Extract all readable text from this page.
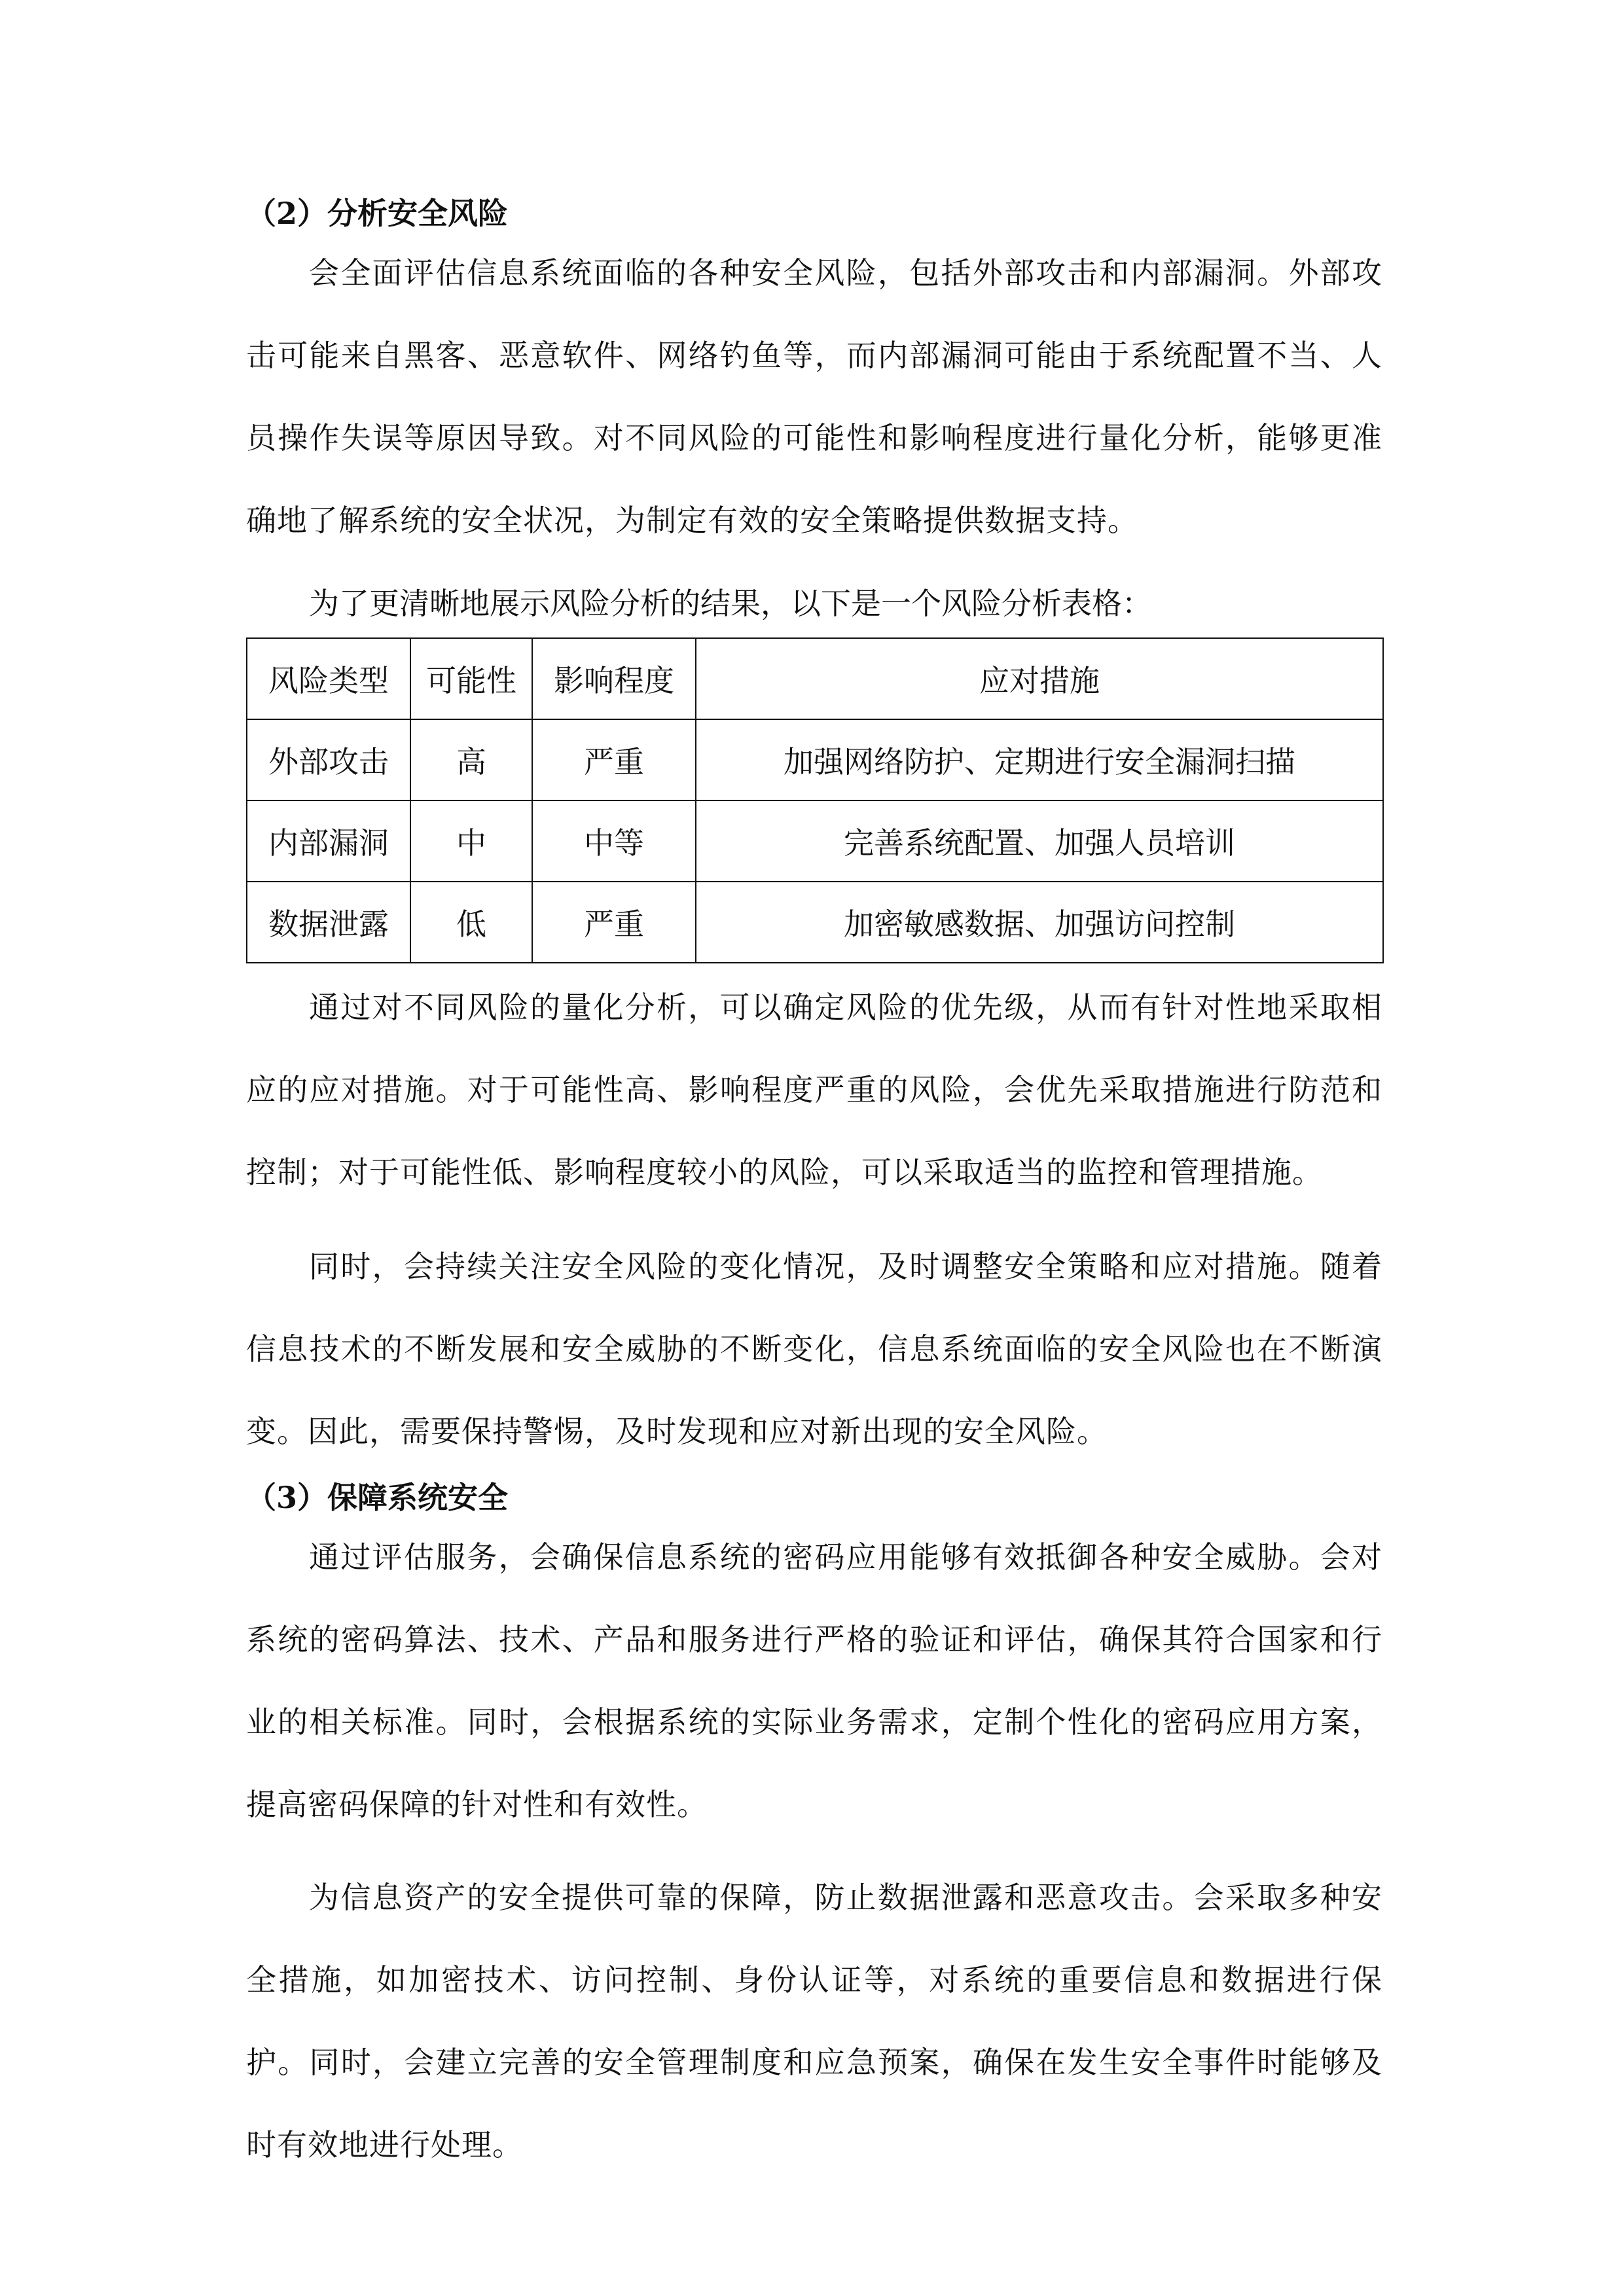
（2）分析安全风险

会全面评估信息系统面临的各种安全风险，包括外部攻击和内部漏洞。外部攻击可能来自黑客、恶意软件、网络钓鱼等，而内部漏洞可能由于系统配置不当、人员操作失误等原因导致。对不同风险的可能性和影响程度进行量化分析，能够更准确地了解系统的安全状况，为制定有效的安全策略提供数据支持。

为了更清晰地展示风险分析的结果，以下是一个风险分析表格：

风险类型	可能性	影响程度	应对措施
外部攻击	高	严重	加强网络防护、定期进行安全漏洞扫描
内部漏洞	中	中等	完善系统配置、加强人员培训
数据泄露	低	严重	加密敏感数据、加强访问控制

通过对不同风险的量化分析，可以确定风险的优先级，从而有针对性地采取相应的应对措施。对于可能性高、影响程度严重的风险，会优先采取措施进行防范和控制；对于可能性低、影响程度较小的风险，可以采取适当的监控和管理措施。

同时，会持续关注安全风险的变化情况，及时调整安全策略和应对措施。随着信息技术的不断发展和安全威胁的不断变化，信息系统面临的安全风险也在不断演变。因此，需要保持警惕，及时发现和应对新出现的安全风险。

（3）保障系统安全

通过评估服务，会确保信息系统的密码应用能够有效抵御各种安全威胁。会对系统的密码算法、技术、产品和服务进行严格的验证和评估，确保其符合国家和行业的相关标准。同时，会根据系统的实际业务需求，定制个性化的密码应用方案，提高密码保障的针对性和有效性。

为信息资产的安全提供可靠的保障，防止数据泄露和恶意攻击。会采取多种安全措施，如加密技术、访问控制、身份认证等，对系统的重要信息和数据进行保护。同时，会建立完善的安全管理制度和应急预案，确保在发生安全事件时能够及时有效地进行处理。
